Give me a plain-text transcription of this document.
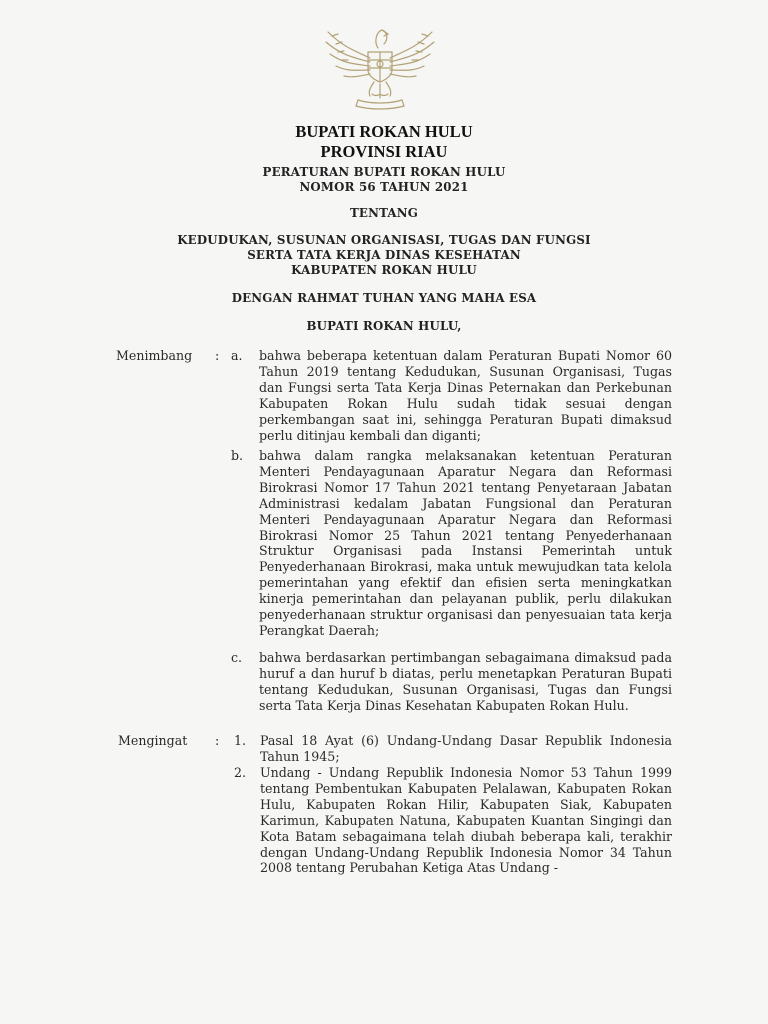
BUPATI ROKAN HULU
PROVINSI RIAU
PERATURAN BUPATI ROKAN HULU
NOMOR 56 TAHUN 2021
TENTANG
KEDUDUKAN, SUSUNAN ORGANISASI, TUGAS DAN FUNGSI
SERTA TATA KERJA DINAS KESEHATAN
KABUPATEN ROKAN HULU
DENGAN RAHMAT TUHAN YANG MAHA ESA
BUPATI ROKAN HULU,
Menimbang : a. bahwa beberapa ketentuan dalam Peraturan Bupati Nomor 60 Tahun 2019 tentang Kedudukan, Susunan Organisasi, Tugas dan Fungsi serta Tata Kerja Dinas Peternakan dan Perkebunan Kabupaten Rokan Hulu sudah tidak sesuai dengan perkembangan saat ini, sehingga Peraturan Bupati dimaksud perlu ditinjau kembali dan diganti;
b. bahwa dalam rangka melaksanakan ketentuan Peraturan Menteri Pendayagunaan Aparatur Negara dan Reformasi Birokrasi Nomor 17 Tahun 2021 tentang Penyetaraan Jabatan Administrasi kedalam Jabatan Fungsional dan Peraturan Menteri Pendayagunaan Aparatur Negara dan Reformasi Birokrasi Nomor 25 Tahun 2021 tentang Penyederhanaan Struktur Organisasi pada Instansi Pemerintah untuk Penyederhanaan Birokrasi, maka untuk mewujudkan tata kelola pemerintahan yang efektif dan efisien serta meningkatkan kinerja pemerintahan dan pelayanan publik, perlu dilakukan penyederhanaan struktur organisasi dan penyesuaian tata kerja Perangkat Daerah;
c. bahwa berdasarkan pertimbangan sebagaimana dimaksud pada huruf a dan huruf b diatas, perlu menetapkan Peraturan Bupati tentang Kedudukan, Susunan Organisasi, Tugas dan Fungsi serta Tata Kerja Dinas Kesehatan Kabupaten Rokan Hulu.
Mengingat : 1. Pasal 18 Ayat (6) Undang-Undang Dasar Republik Indonesia Tahun 1945;
2. Undang - Undang Republik Indonesia Nomor 53 Tahun 1999 tentang Pembentukan Kabupaten Pelalawan, Kabupaten Rokan Hulu, Kabupaten Rokan Hilir, Kabupaten Siak, Kabupaten Karimun, Kabupaten Natuna, Kabupaten Kuantan Singingi dan Kota Batam sebagaimana telah diubah beberapa kali, terakhir dengan Undang-Undang Republik Indonesia Nomor 34 Tahun 2008 tentang Perubahan Ketiga Atas Undang -
